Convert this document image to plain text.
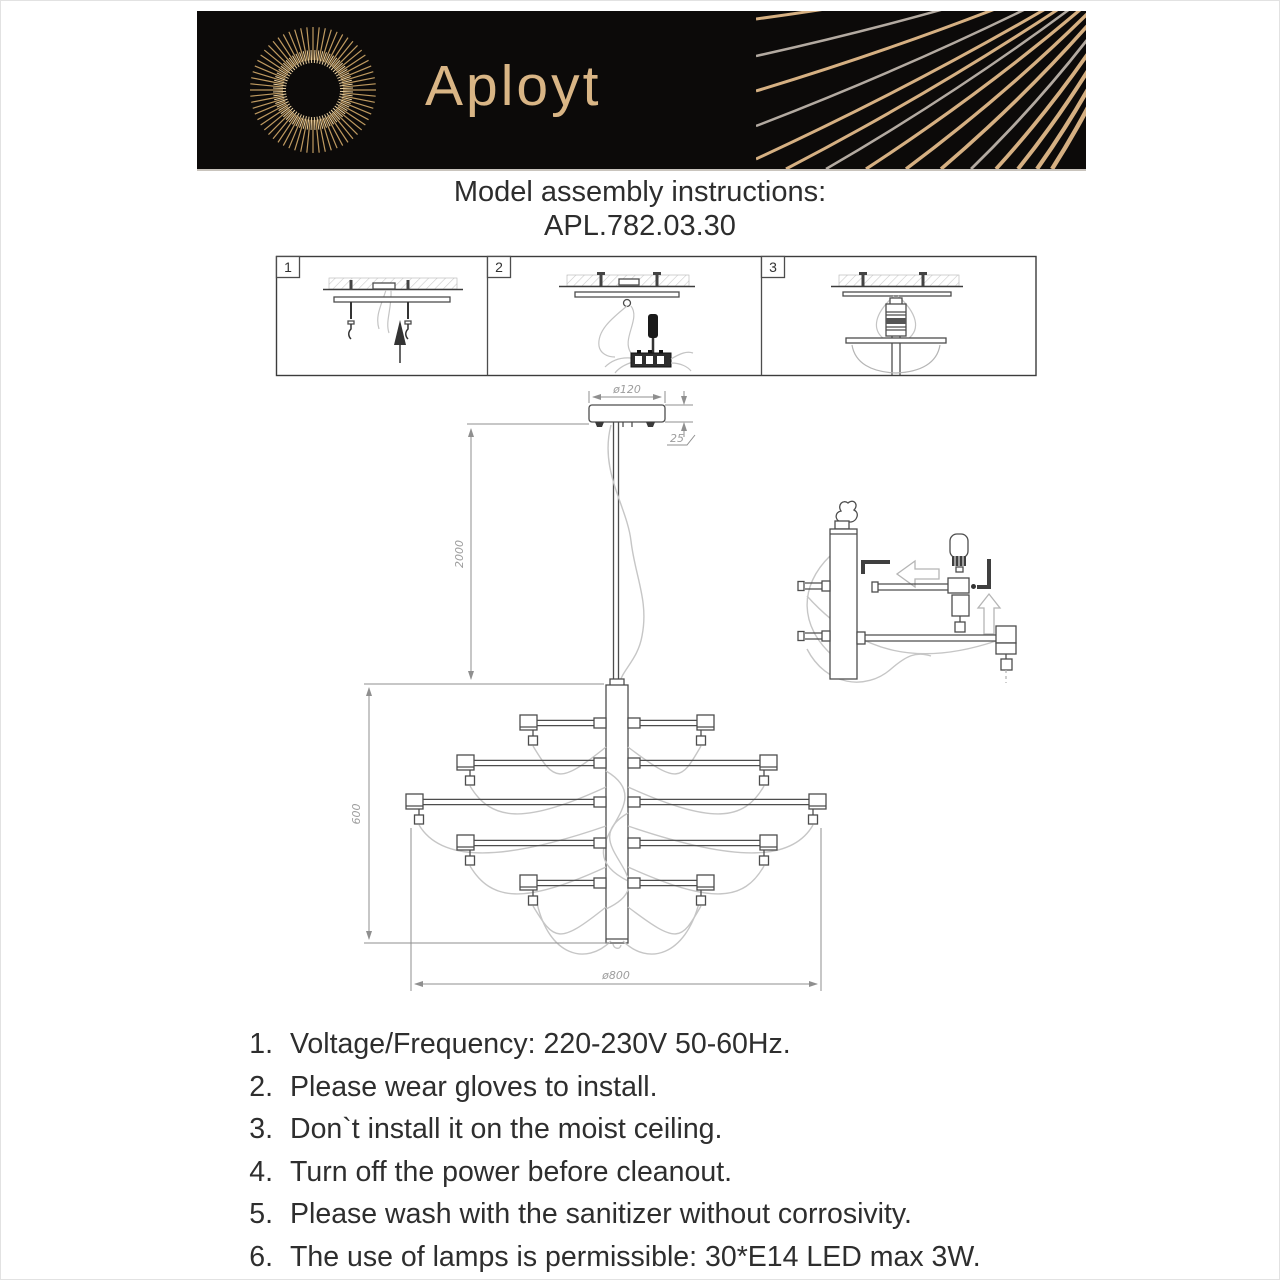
Aployt
Model assembly instructions:
APL.782.03.30
1	2	3
ø120
25
2000
600
ø800
1. Voltage/Frequency: 220-230V 50-60Hz.
2. Please wear gloves to install.
3. Don`t install it on the moist ceiling.
4. Turn off the power before cleanout.
5. Please wash with the sanitizer without corrosivity.
6. The use of lamps is permissible: 30*E14 LED max 3W.
